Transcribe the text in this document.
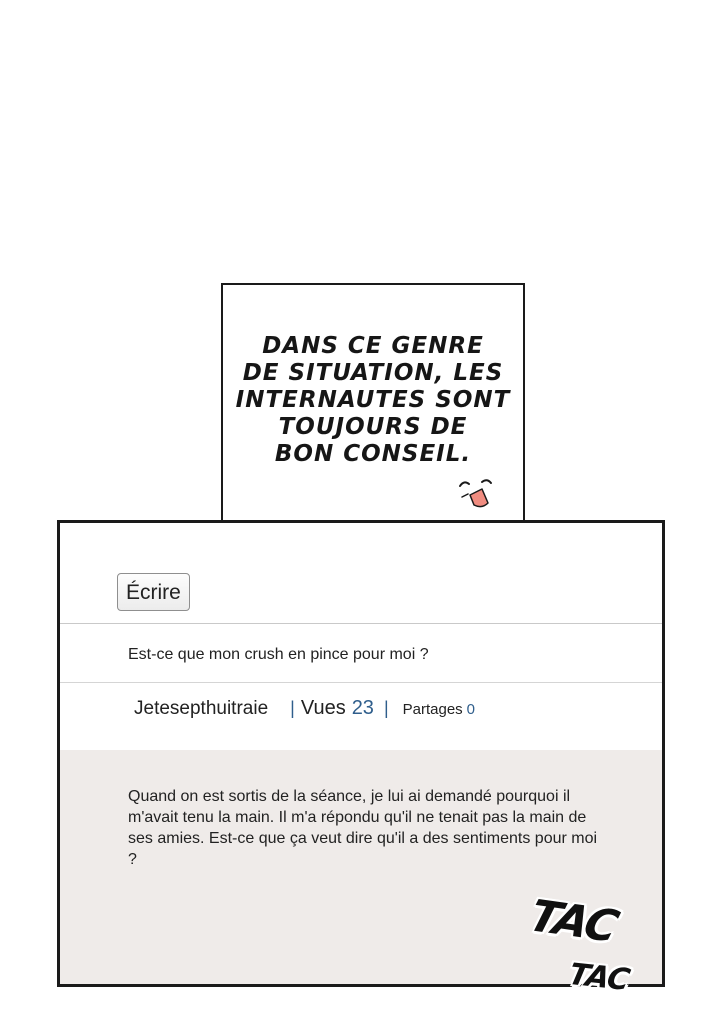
DANS CE GENRE
DE SITUATION, LES
INTERNAUTES SONT
TOUJOURS DE
BON CONSEIL.
Écrire
Est-ce que mon crush en pince pour moi ?
Jetesepthuitraie | Vues 23 | Partages 0
Quand on est sortis de la séance, je lui ai demandé pourquoi il m'avait tenu la main. Il m'a répondu qu'il ne tenait pas la main de ses amies. Est-ce que ça veut dire qu'il a des sentiments pour moi ?
TAC
TAC
